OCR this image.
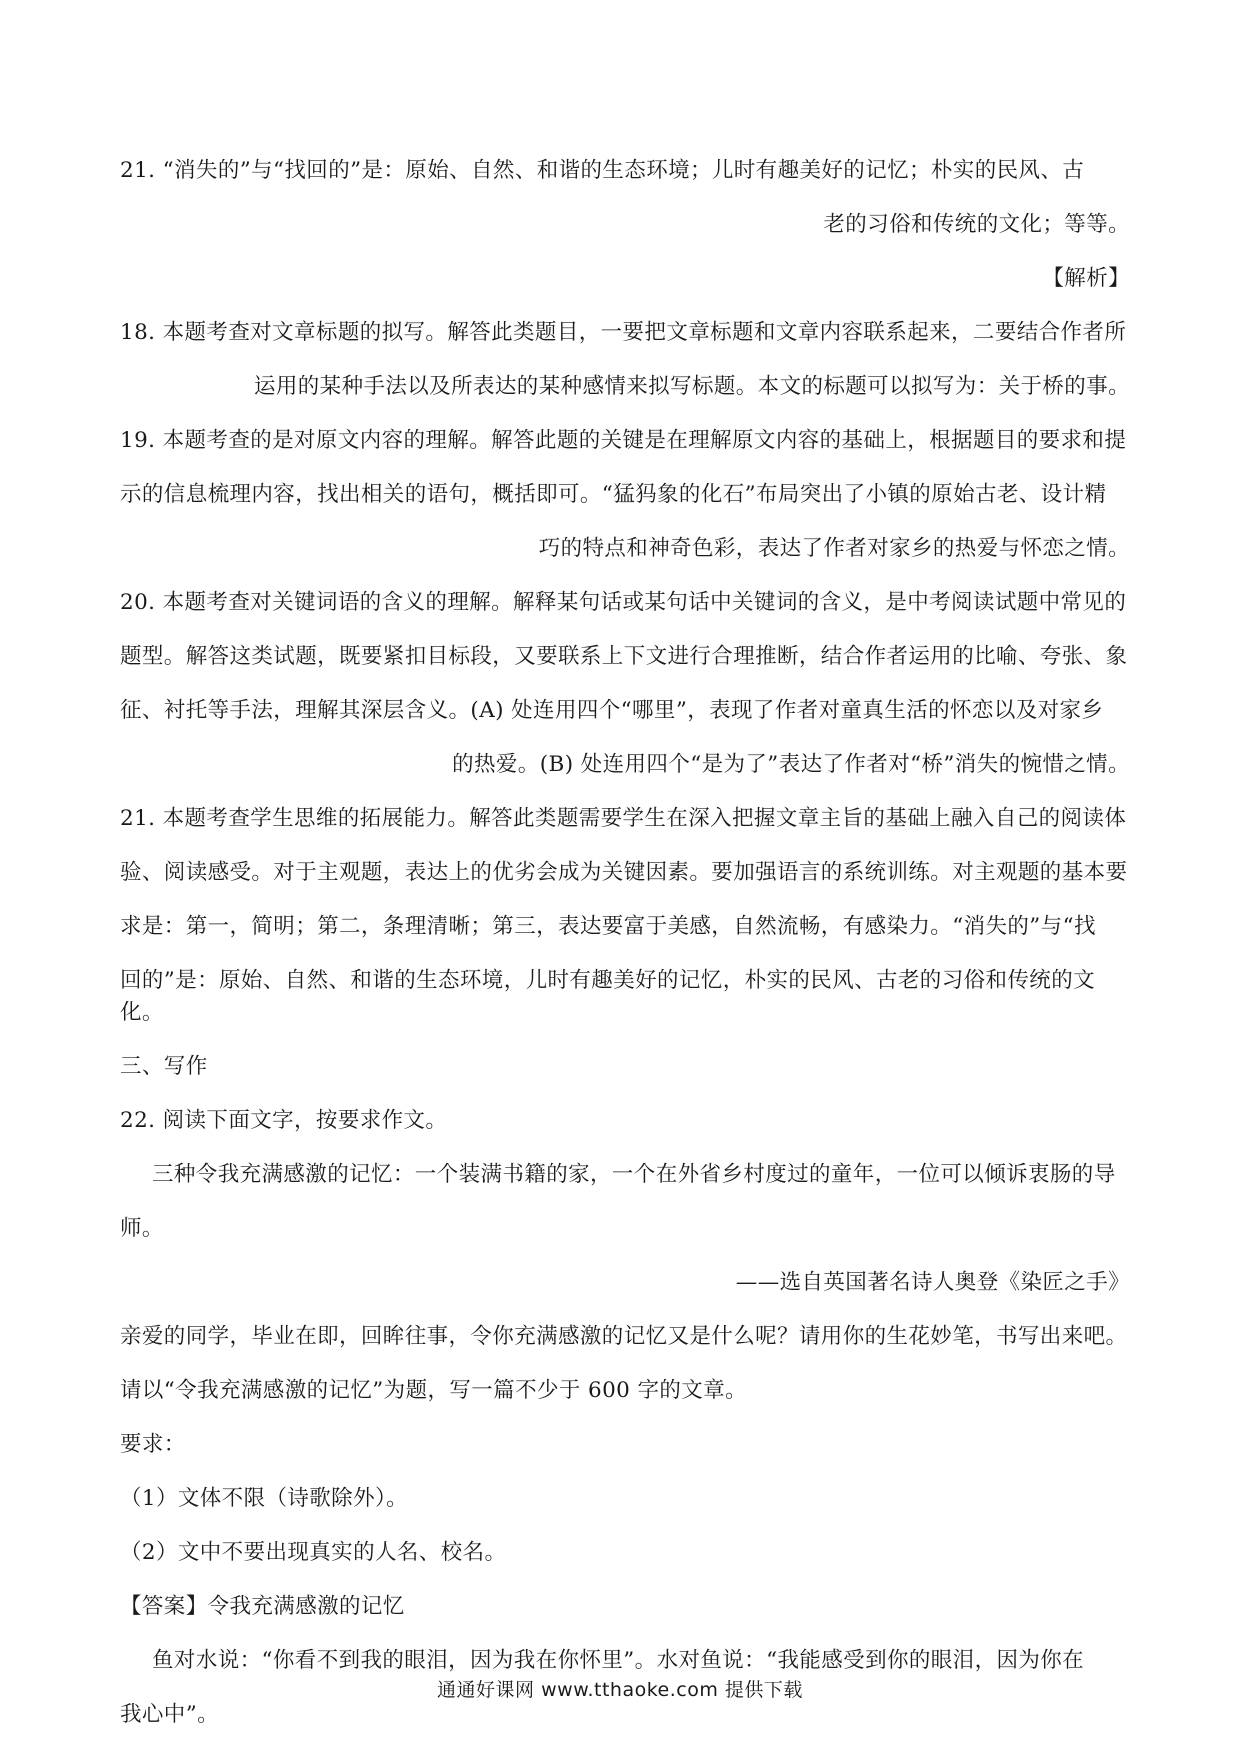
21. “消失的”与“找回的”是：原始、自然、和谐的生态环境；儿时有趣美好的记忆；朴实的民风、古

老的习俗和传统的文化；等等。

【解析】

18. 本题考查对文章标题的拟写。解答此类题目，一要把文章标题和文章内容联系起来，二要结合作者所

运用的某种手法以及所表达的某种感情来拟写标题。本文的标题可以拟写为：关于桥的事。

19. 本题考查的是对原文内容的理解。解答此题的关键是在理解原文内容的基础上，根据题目的要求和提

示的信息梳理内容，找出相关的语句，概括即可。“猛犸象的化石”布局突出了小镇的原始古老、设计精

巧的特点和神奇色彩，表达了作者对家乡的热爱与怀恋之情。

20. 本题考查对关键词语的含义的理解。解释某句话或某句话中关键词的含义，是中考阅读试题中常见的

题型。解答这类试题，既要紧扣目标段，又要联系上下文进行合理推断，结合作者运用的比喻、夸张、象

征、衬托等手法，理解其深层含义。(A) 处连用四个“哪里”，表现了作者对童真生活的怀恋以及对家乡

的热爱。(B) 处连用四个“是为了”表达了作者对“桥”消失的惋惜之情。

21. 本题考查学生思维的拓展能力。解答此类题需要学生在深入把握文章主旨的基础上融入自己的阅读体

验、阅读感受。对于主观题，表达上的优劣会成为关键因素。要加强语言的系统训练。对主观题的基本要

求是：第一，简明；第二，条理清晰；第三，表达要富于美感，自然流畅，有感染力。“消失的”与“找

回的”是：原始、自然、和谐的生态环境，儿时有趣美好的记忆，朴实的民风、古老的习俗和传统的文化。

三、写作

22. 阅读下面文字，按要求作文。

三种令我充满感激的记忆：一个装满书籍的家，一个在外省乡村度过的童年，一位可以倾诉衷肠的导

师。

——选自英国著名诗人奥登《染匠之手》

亲爱的同学，毕业在即，回眸往事，令你充满感激的记忆又是什么呢？请用你的生花妙笔，书写出来吧。

请以“令我充满感激的记忆”为题，写一篇不少于 600 字的文章。

要求：

（1）文体不限（诗歌除外）。

（2）文中不要出现真实的人名、校名。

【答案】令我充满感激的记忆

鱼对水说：“你看不到我的眼泪，因为我在你怀里”。水对鱼说：“我能感受到你的眼泪，因为你在

我心中”。

通通好课网 www.tthaoke.com 提供下载
